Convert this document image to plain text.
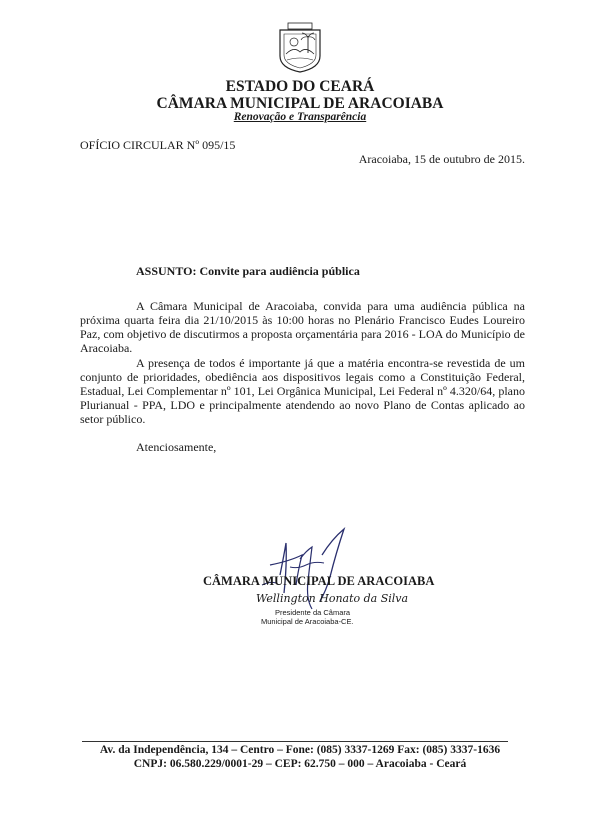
ESTADO DO CEARÁ
CÂMARA MUNICIPAL DE ARACOIABA
Renovação e Transparência
OFÍCIO CIRCULAR Nº 095/15
Aracoiaba, 15 de outubro de 2015.
ASSUNTO: Convite para audiência pública
A Câmara Municipal de Aracoiaba, convida para uma audiência pública na próxima quarta feira dia 21/10/2015 às 10:00 horas no Plenário Francisco Eudes Loureiro Paz, com objetivo de discutirmos a proposta orçamentária para 2016 - LOA do Município de Aracoiaba.
A presença de todos é importante já que a matéria encontra-se revestida de um conjunto de prioridades, obediência aos dispositivos legais como a Constituição Federal, Estadual, Lei Complementar nº 101, Lei Orgânica Municipal, Lei Federal nº 4.320/64, plano Plurianual - PPA, LDO e principalmente atendendo ao novo Plano de Contas aplicado ao setor público.
Atenciosamente,
CÂMARA MUNICIPAL DE ARACOIABA
Wellington Honato da Silva
Presidente da Câmara
Municipal de Aracoiaba-CE.
Av. da Independência, 134 – Centro – Fone: (085) 3337-1269 Fax: (085) 3337-1636
CNPJ: 06.580.229/0001-29 – CEP: 62.750 – 000 – Aracoiaba - Ceará
